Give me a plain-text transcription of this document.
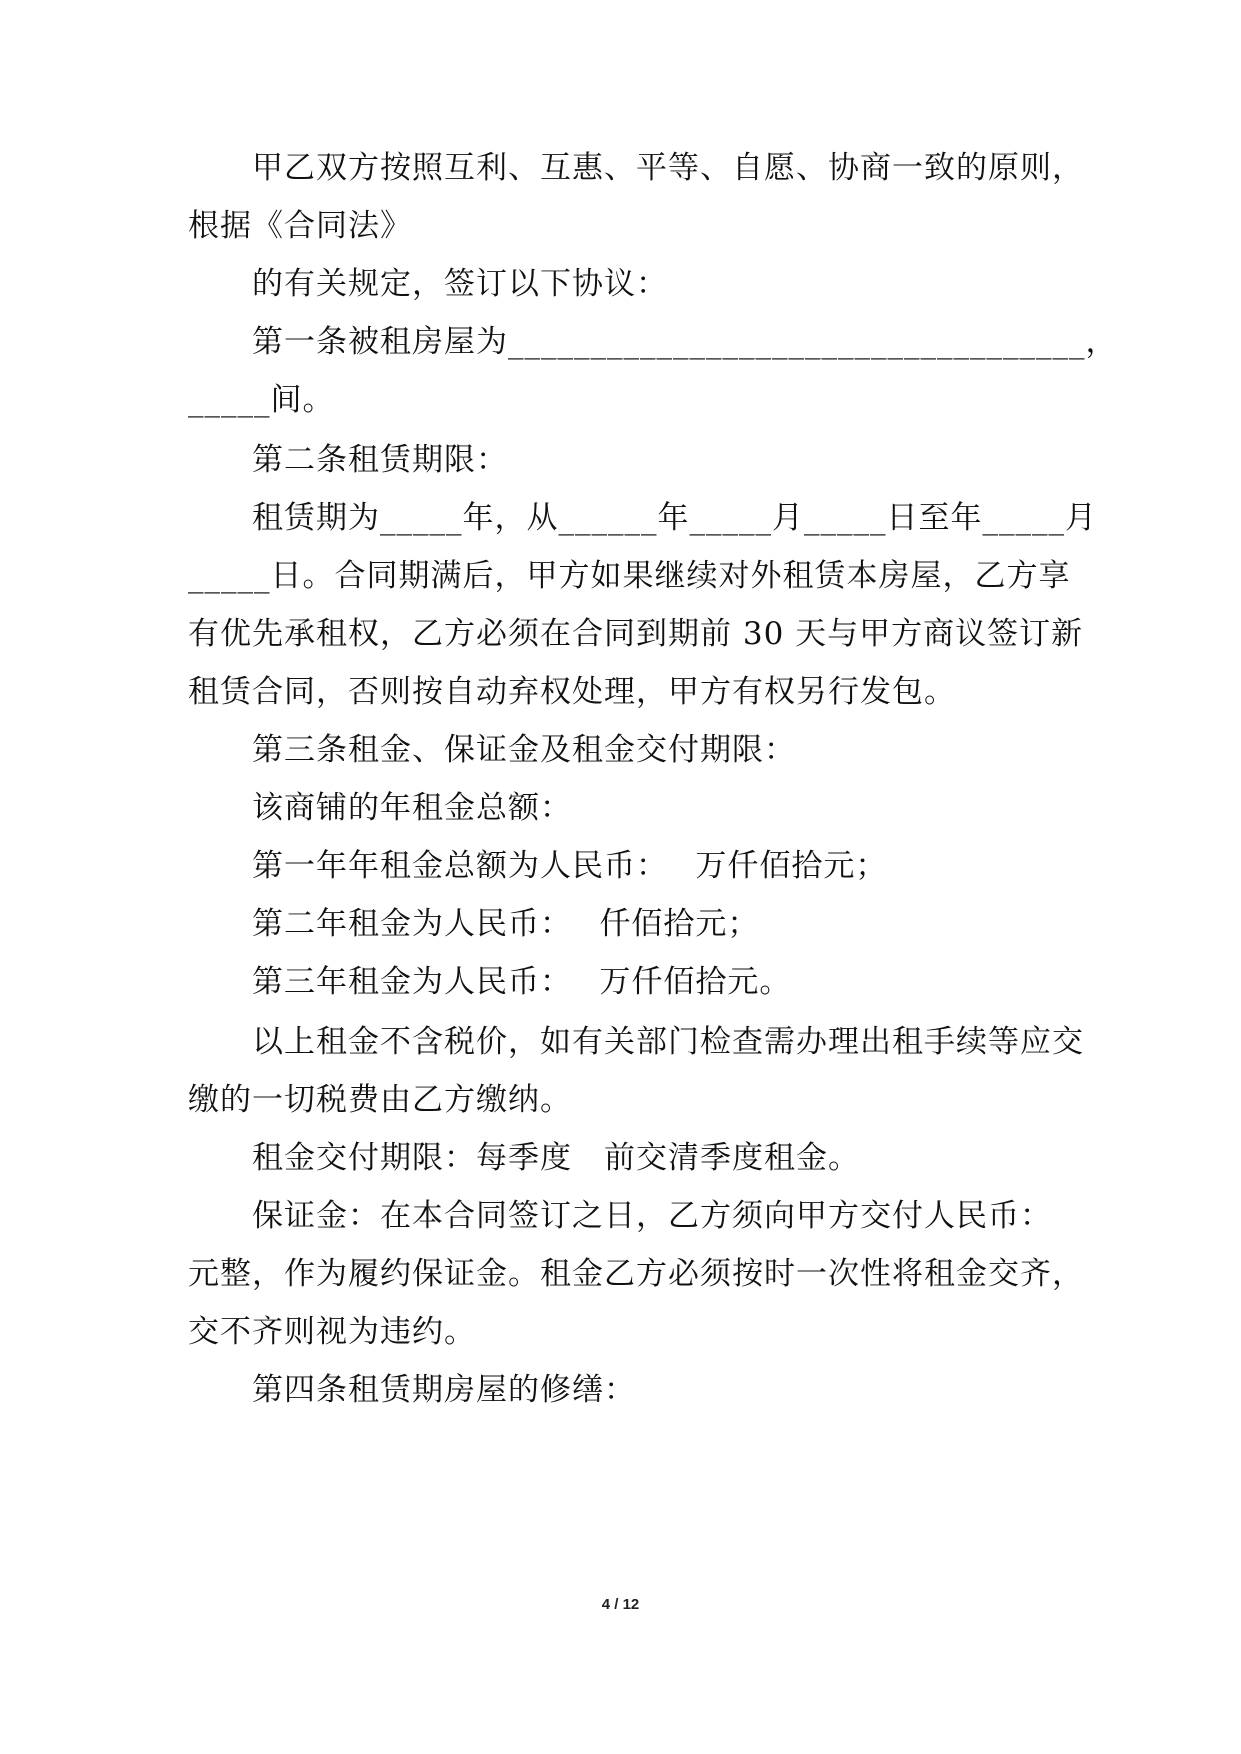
甲乙双方按照互利、互惠、平等、自愿、协商一致的原则，
根据《合同法》
的有关规定，签订以下协议：
第一条被租房屋为___________________________________，
_____间。
第二条租赁期限：
租赁期为_____年，从______年_____月_____日至年_____月
_____日。合同期满后，甲方如果继续对外租赁本房屋，乙方享
有优先承租权，乙方必须在合同到期前 30 天与甲方商议签订新
租赁合同，否则按自动弃权处理，甲方有权另行发包。
第三条租金、保证金及租金交付期限：
该商铺的年租金总额：
第一年年租金总额为人民币：　 万仟佰拾元；
第二年租金为人民币：　 仟佰拾元；
第三年租金为人民币：　 万仟佰拾元。
以上租金不含税价，如有关部门检查需办理出租手续等应交
缴的一切税费由乙方缴纳。
租金交付期限：每季度　前交清季度租金。
保证金：在本合同签订之日，乙方须向甲方交付人民币：
元整，作为履约保证金。租金乙方必须按时一次性将租金交齐，
交不齐则视为违约。
第四条租赁期房屋的修缮：
4 / 12
